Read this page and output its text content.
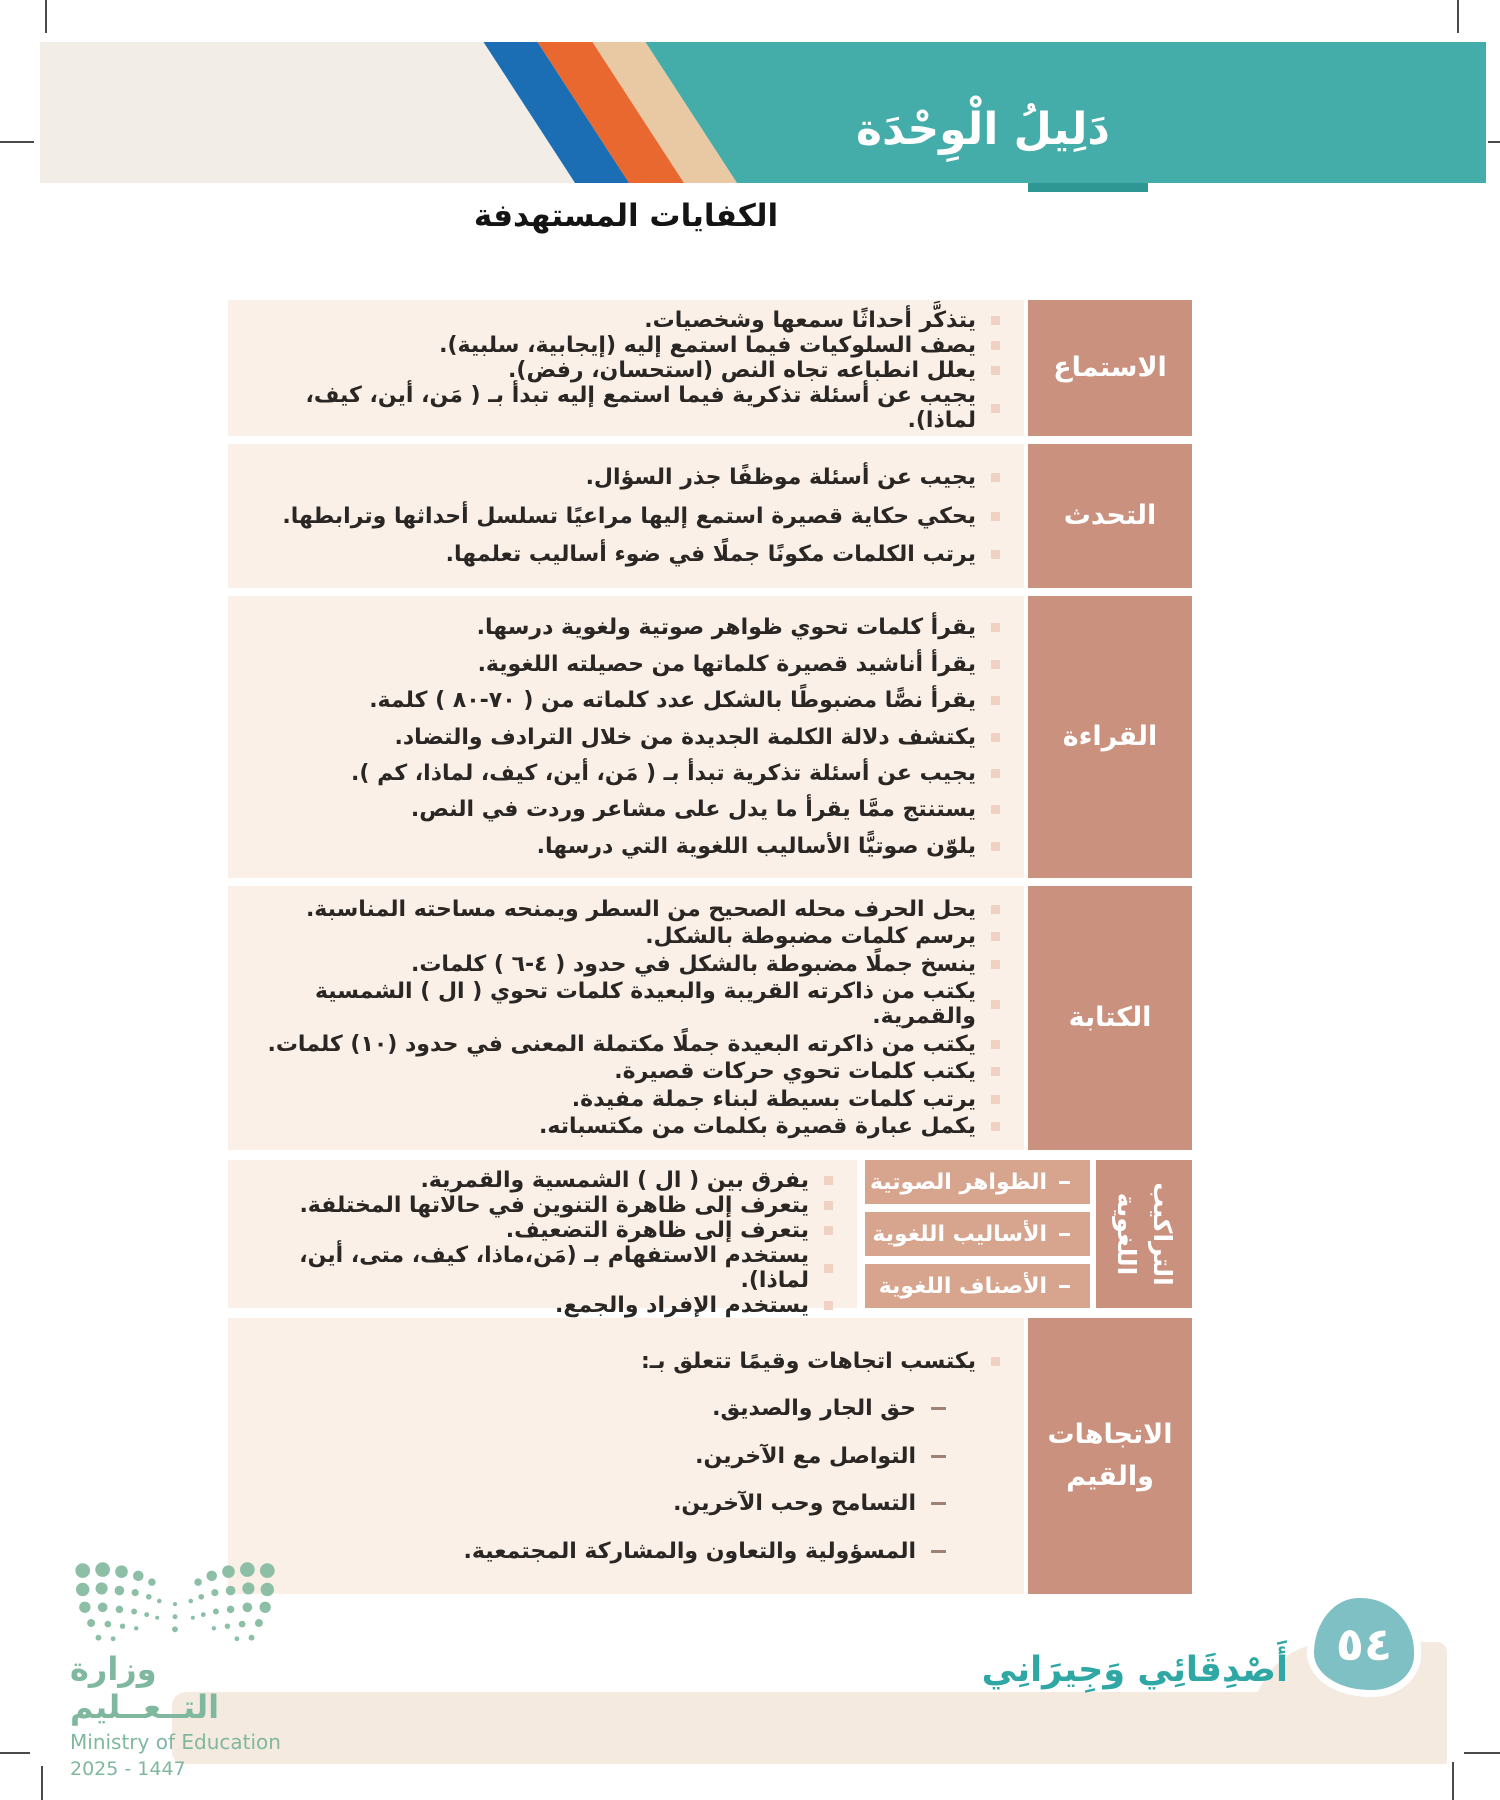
دَلِيلُ الْوِحْدَة
الكفايات المستهدفة
الاستماع
يتذكَّر أحداثًا سمعها وشخصيات.
يصف السلوكيات فيما استمع إليه (إيجابية، سلبية).
يعلل انطباعه تجاه النص (استحسان، رفض).
يجيب عن أسئلة تذكرية فيما استمع إليه تبدأ بـ ( مَن، أين، كيف، لماذا).
التحدث
يجيب عن أسئلة موظفًا جذر السؤال.
يحكي حكاية قصيرة استمع إليها مراعيًا تسلسل أحداثها وترابطها.
يرتب الكلمات مكونًا جملًا في ضوء أساليب تعلمها.
القراءة
يقرأ كلمات تحوي ظواهر صوتية ولغوية درسها.
يقرأ أناشيد قصيرة كلماتها من حصيلته اللغوية.
يقرأ نصًّا مضبوطًا بالشكل عدد كلماته من ( ٧٠-٨٠ ) كلمة.
يكتشف دلالة الكلمة الجديدة من خلال الترادف والتضاد.
يجيب عن أسئلة تذكرية تبدأ بـ ( مَن، أين، كيف، لماذا، كم ).
يستنتج ممَّا يقرأ ما يدل على مشاعر وردت في النص.
يلوّن صوتيًّا الأساليب اللغوية التي درسها.
الكتابة
يحل الحرف محله الصحيح من السطر ويمنحه مساحته المناسبة.
يرسم كلمات مضبوطة بالشكل.
ينسخ جملًا مضبوطة بالشكل في حدود ( ٤-٦ ) كلمات.
يكتب من ذاكرته القريبة والبعيدة كلمات تحوي ( ال ) الشمسية والقمرية.
يكتب من ذاكرته البعيدة جملًا مكتملة المعنى في حدود (١٠) كلمات.
يكتب كلمات تحوي حركات قصيرة.
يرتب كلمات بسيطة لبناء جملة مفيدة.
يكمل عبارة قصيرة بكلمات من مكتسباته.
يفرق بين ( ال ) الشمسية والقمرية.
يتعرف إلى ظاهرة التنوين في حالاتها المختلفة.
يتعرف إلى ظاهرة التضعيف.
يستخدم الاستفهام بـ (مَن،ماذا، كيف، متى، أين، لماذا).
يستخدم الإفراد والجمع.
الظواهر الصوتية
الأساليب اللغوية
الأصناف اللغوية
الاتجاهات والقيم
يكتسب اتجاهات وقيمًا تتعلق بـ:
حق الجار والصديق.
التواصل مع الآخرين.
التسامح وحب الآخرين.
المسؤولية والتعاون والمشاركة المجتمعية.
التراكيب اللغوية
٥٤
أَصْدِقَائِي وَجِيرَانِي
وزارة التــعــليم
Ministry of Education
2025 - 1447
